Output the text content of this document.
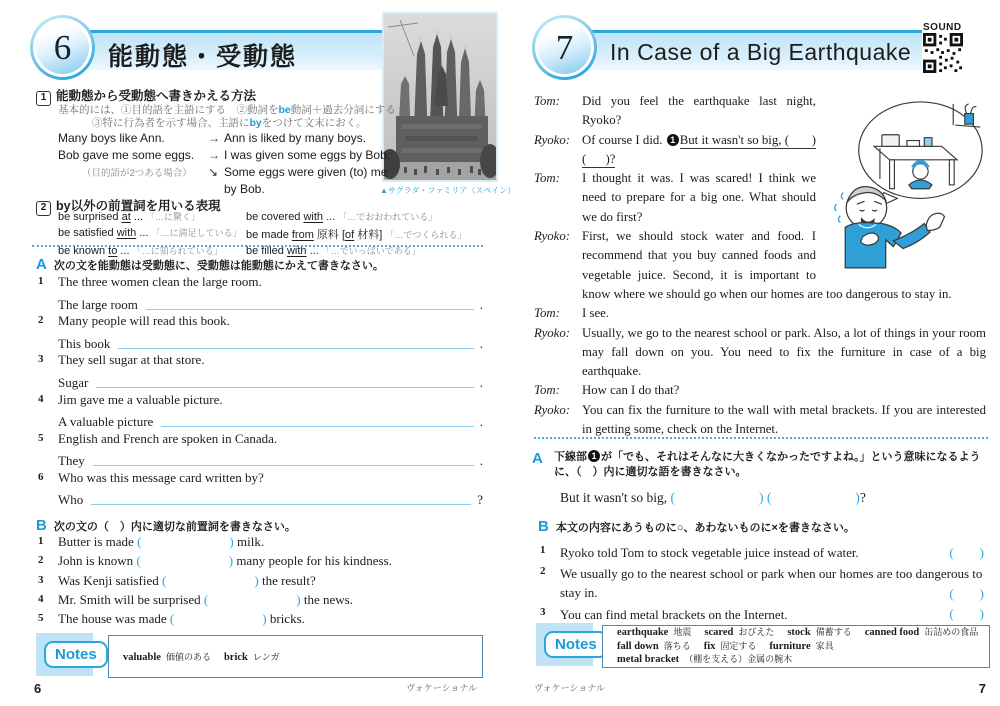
6	能動態・受動態
▲サグラダ・ファミリア（スペイン）
1 能動態から受動態へ書きかえる方法
基本的には、①目的語を主語にする　②動詞をbe動詞＋過去分詞にする
③特に行為者を示す場合、主語にbyをつけて文末におく。
Many boys like Ann.	→ Ann is liked by many boys.
Bob gave me some eggs. → I was given some eggs by Bob.
（目的語が2つある場合） ↘ Some eggs were given (to) me
by Bob.
2 by以外の前置詞を用いる表現
be surprised at ... 「…に驚く」	be covered with ... 「…でおおわれている」
be satisfied with ... 「…に満足している」 be made from 原料 [of 材料] 「…でつくられる」
be known to ... 「…に知られている」	be filled with ... 「…でいっぱいである」
A 次の文を能動態は受動態に、受動態は能動態にかえて書きなさい。
1 The three women clean the large room.
The large room	.
2 Many people will read this book.
This book	.
3 They sell sugar at that store.
Sugar	.
4 Jim gave me a valuable picture.
A valuable picture	.
5 English and French are spoken in Canada.
They	.
6 Who was this message card written by?
Who	?
B 次の文の（　）内に適切な前置詞を書きなさい。
1 Butter is made (	) milk.
2 John is known (	) many people for his kindness.
3 Was Kenji satisfied (	) the result?
4 Mr. Smith will be surprised (	) the news.
5 The house was made (	) bricks.
Notes	valuable 価値のある brick レンガ
6	ヴォケーショナル
7	In Case of a Big Earthquake
SOUND

Tom: Did you feel the earthquake last night, Ryoko?

Ryoko: Of course I did. 1 But it wasn't so big, (       ) (      )?

Tom: I thought it was. I was scared! I think we need to prepare for a big one. What should we do first?

Ryoko: First, we should stock water and food. I recommend that you buy canned foods and vegetable juice. Second, it is important to know where we should go when our homes are too dangerous to stay in.

Tom: I see.

Ryoko: Usually, we go to the nearest school or park. Also, a lot of things in your room may fall down on you. You need to fix the furniture in case of a big earthquake.

Tom: How can I do that?

Ryoko: You can fix the furniture to the wall with metal brackets. If you are interested in getting some, check on the Internet.

A 下線部 1 が「でも、それはそんなに大きくなかったですよね。」という意味になるように、（　）内に適切な語を書きなさい。
But it wasn't so big, (	) (	)?
B 本文の内容にあうものに○、あわないものに×を書きなさい。
1 Ryoko told Tom to stock vegetable juice instead of water.	( )
2 We usually go to the nearest school or park when our homes are too dangerous to stay in.	( )
3 You can find metal brackets on the Internet.	( )
Notes
earthquake 地震 scared おびえた stock 備蓄する canned food 缶詰めの食品
fall down 落ちる fix 固定する furniture 家具
metal bracket （棚を支える）金属の腕木
ヴォケーショナル	7
